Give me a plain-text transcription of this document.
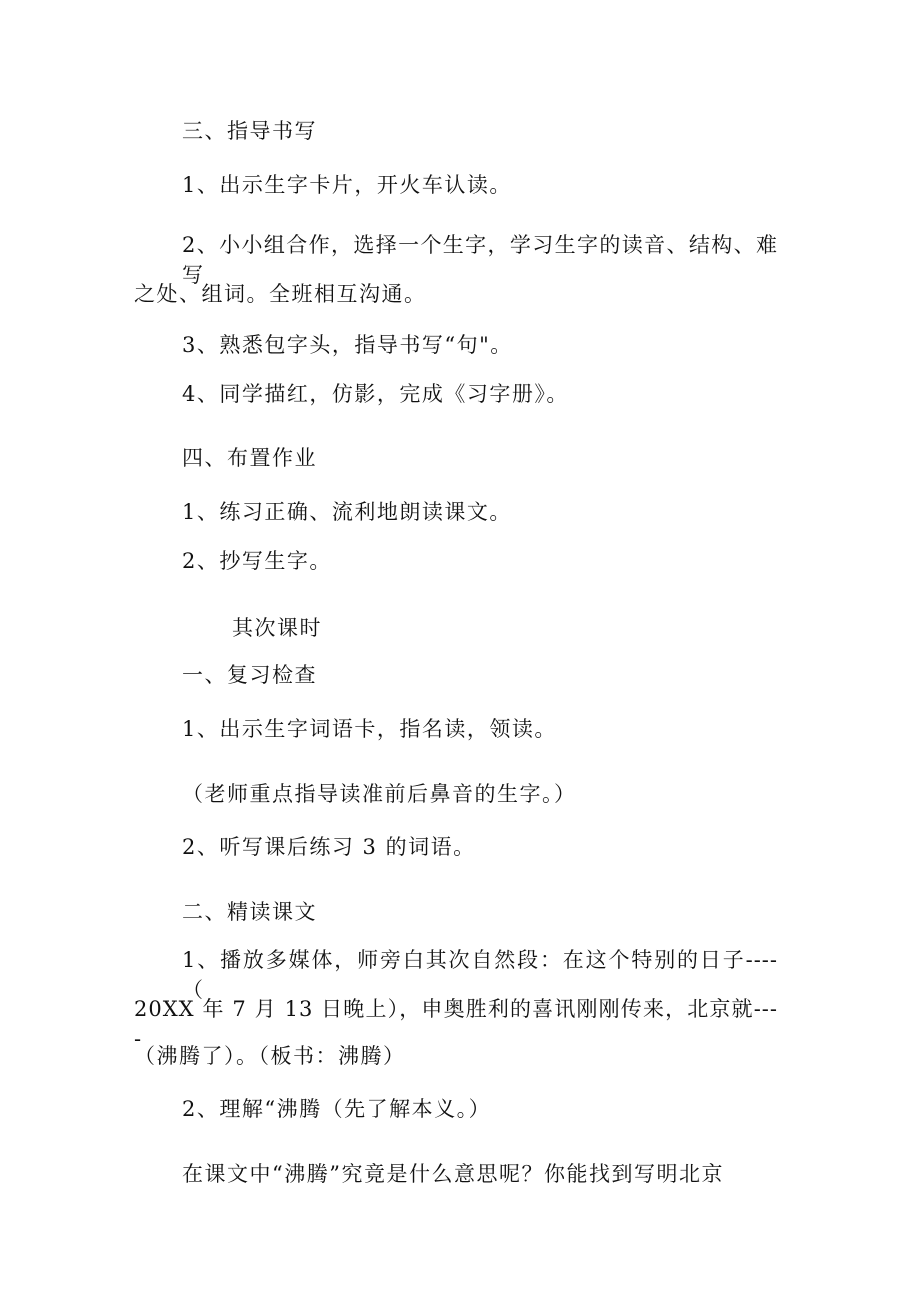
三、指导书写

1、出示生字卡片，开火车认读。

2、小小组合作，选择一个生字，学习生字的读音、结构、难写

之处、组词。全班相互沟通。

3、熟悉包字头，指导书写“句"。

4、同学描红，仿影，完成《习字册》。

四、布置作业

1、练习正确、流利地朗读课文。

2、抄写生字。

其次课时

一、复习检查

1、出示生字词语卡，指名读，领读。

（老师重点指导读准前后鼻音的生字。）

2、听写课后练习 3 的词语。

二、精读课文

1、播放多媒体，师旁白其次自然段：在这个特别的日子----（

20XX 年 7 月 13 日晚上），申奥胜利的喜讯刚刚传来，北京就----

（沸腾了）。（板书：沸腾）

2、理解“沸腾（先了解本义。）

在课文中“沸腾”究竟是什么意思呢？你能找到写明北京
